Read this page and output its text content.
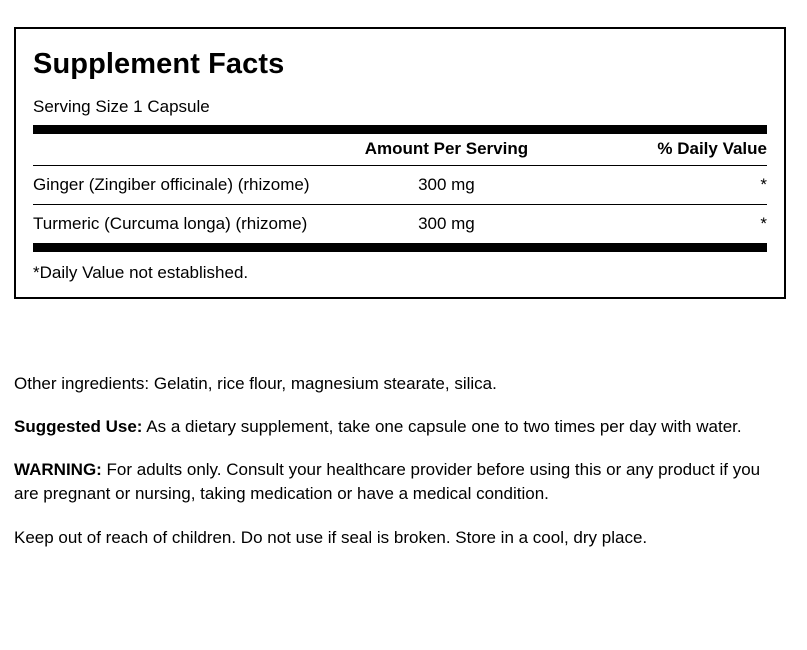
Supplement Facts
Serving Size 1 Capsule
	Amount Per Serving	% Daily Value
Ginger (Zingiber officinale) (rhizome)	300 mg	*
Turmeric (Curcuma longa) (rhizome)	300 mg	*
*Daily Value not established.

Other ingredients: Gelatin, rice flour, magnesium stearate, silica.

Suggested Use: As a dietary supplement, take one capsule one to two times per day with water.

WARNING: For adults only. Consult your healthcare provider before using this or any product if you are pregnant or nursing, taking medication or have a medical condition.

Keep out of reach of children. Do not use if seal is broken. Store in a cool, dry place.
